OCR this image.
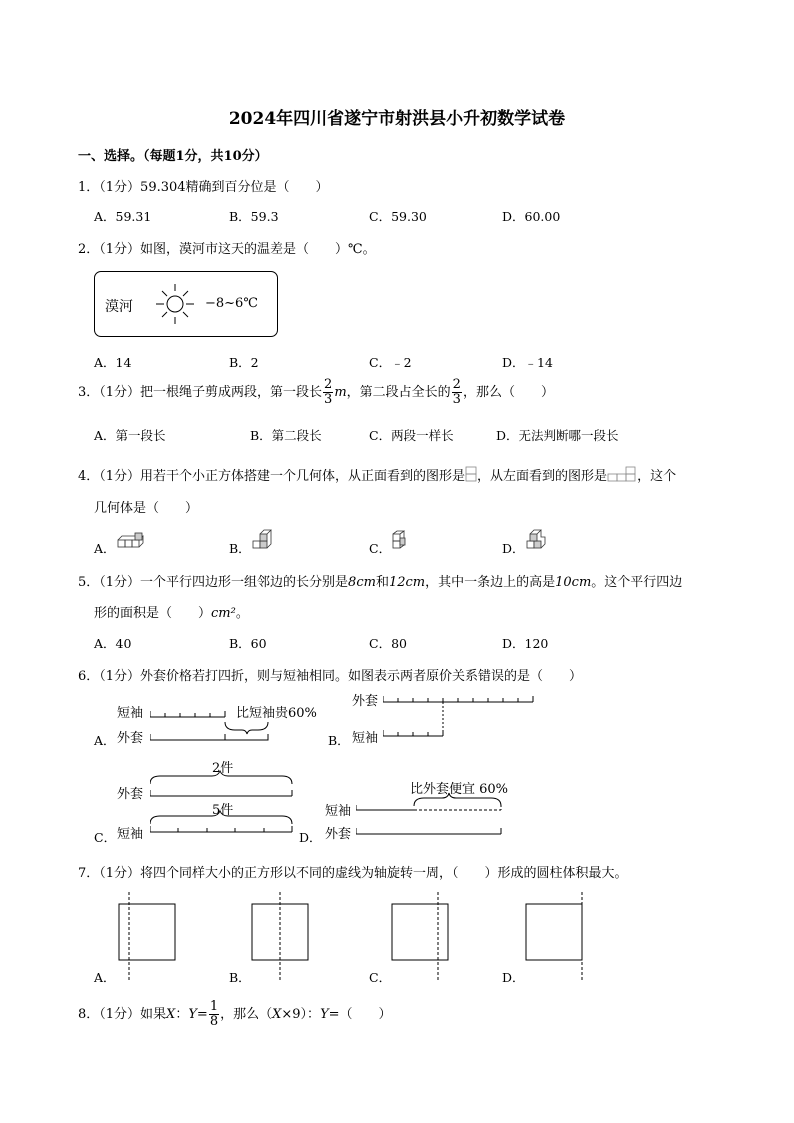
2024年四川省遂宁市射洪县小升初数学试卷
一、选择。（每题1分，共10分）
1．（1分）59.304精确到百分位是（　　）
A．59.31	B．59.3	C．59.30	D．60.00
2．（1分）如图，漠河市这天的温差是（　　）℃。
漠河	−8~6℃
A．14	B．2	C．﹣2	D．﹣14
3．（1分）把一根绳子剪成两段，第一段长 $\frac{2}{3}$ m，第二段占全长的 $\frac{2}{3}$ ，那么（　　）
A．第一段长	B．第二段长	C．两段一样长	D．无法判断哪一段长
4．（1分）用若干个小正方体搭建一个几何体，从正面看到的图形是 ，从左面看到的图形是 ，这个
几何体是（　　）
A．	B．	C．	D．
5．（1分）一个平行四边形一组邻边的长分别是8cm和12cm，其中一条边上的高是10cm。这个平行四边
形的面积是（　　）cm²。
A．40	B．60	C．80	D．120
6．（1分）外套价格若打四折，则与短袖相同。如图表示两者原价关系错误的是（　　）
A．
短袖
外套
比短袖贵60%
B．
外套
短袖
C．
外套
2件
5件
短袖	D．
比外套便宜 60%
短袖
外套
7．（1分）将四个同样大小的正方形以不同的虚线为轴旋转一周，（　　）形成的圆柱体积最大。
A．	B．	C．	D．
8．（1分）如果X：$Y= \frac{1}{8}$ ，那么（X×9）：Y=（　　）
